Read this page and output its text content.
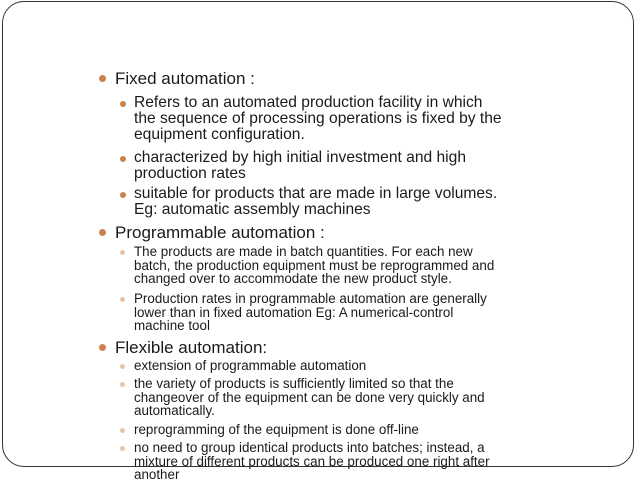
Fixed automation :
Refers to an automated production facility in which
the sequence of processing operations is fixed by the
equipment configuration.
characterized by high initial investment and high
production rates
suitable for products that are made in large volumes.
Eg: automatic assembly machines
Programmable automation :
The products are made in batch quantities. For each new
batch, the production equipment must be reprogrammed and
changed over to accommodate the new product style.
Production rates in programmable automation are generally
lower than in fixed automation Eg: A numerical-control
machine tool
Flexible automation:
extension of programmable automation
the variety of products is sufficiently limited so that the
changeover of the equipment can be done very quickly and
automatically.
reprogramming of the equipment is done off-line
no need to group identical products into batches; instead, a
mixture of different products can be produced one right after
another
